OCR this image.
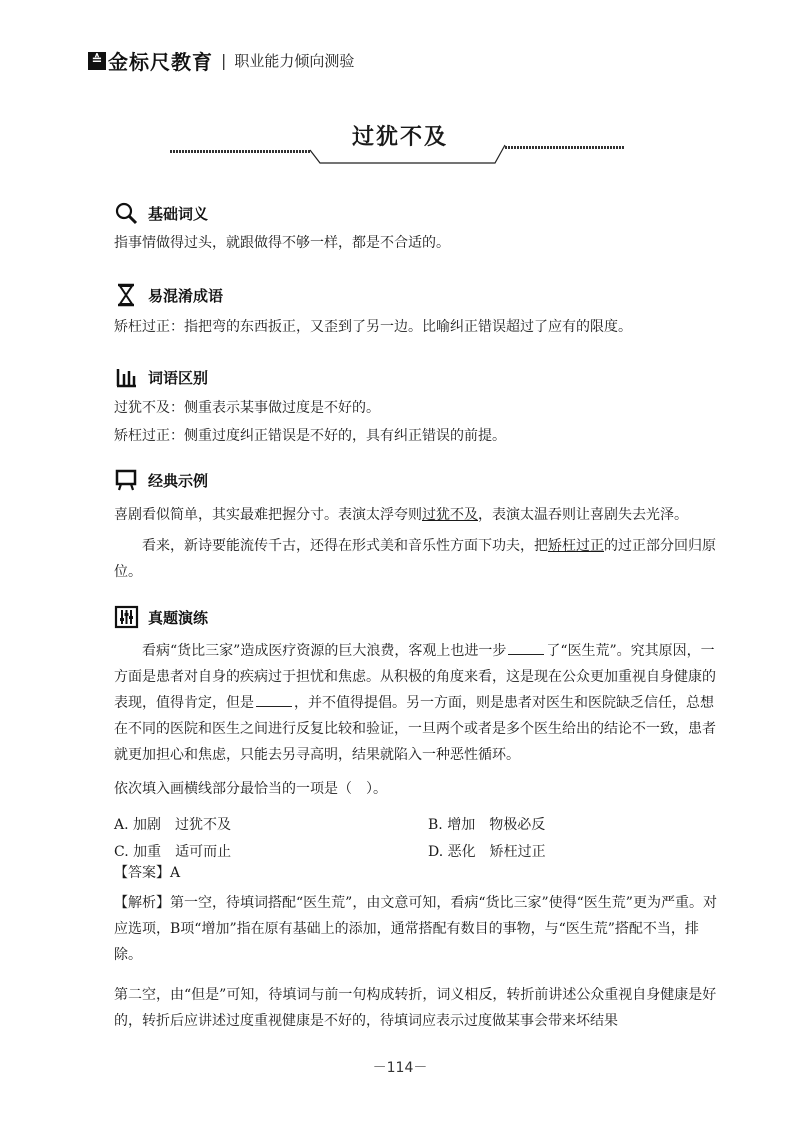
≙ 金标尺教育 | 职业能力倾向测验
过犹不及
基础词义
指事情做得过头，就跟做得不够一样，都是不合适的。
易混淆成语
矫枉过正：指把弯的东西扳正，又歪到了另一边。比喻纠正错误超过了应有的限度。
词语区别
过犹不及：侧重表示某事做过度是不好的。
矫枉过正：侧重过度纠正错误是不好的，具有纠正错误的前提。
经典示例
喜剧看似简单，其实最难把握分寸。表演太浮夸则过犹不及，表演太温吞则让喜剧失去光泽。
看来，新诗要能流传千古，还得在形式美和音乐性方面下功夫，把矫枉过正的过正部分回归原位。
真题演练
看病“货比三家”造成医疗资源的巨大浪费，客观上也进一步	了“医生荒”。究其原因，一方面是患者对自身的疾病过于担忧和焦虑。从积极的角度来看，这是现在公众更加重视自身健康的表现，值得肯定，但是	，并不值得提倡。另一方面，则是患者对医生和医院缺乏信任，总想在不同的医院和医生之间进行反复比较和验证，一旦两个或者是多个医生给出的结论不一致，患者就更加担心和焦虑，只能去另寻高明，结果就陷入一种恶性循环。
依次填入画横线部分最恰当的一项是（　）。
A. 加剧　过犹不及	B. 增加　物极必反
C. 加重　适可而止	D. 恶化　矫枉过正
【答案】A
【解析】第一空，待填词搭配“医生荒”，由文意可知，看病“货比三家”使得“医生荒”更为严重。对应选项，B项“增加”指在原有基础上的添加，通常搭配有数目的事物，与“医生荒”搭配不当，排除。
第二空，由“但是”可知，待填词与前一句构成转折，词义相反，转折前讲述公众重视自身健康是好的，转折后应讲述过度重视健康是不好的，待填词应表示过度做某事会带来坏结果
－114－
